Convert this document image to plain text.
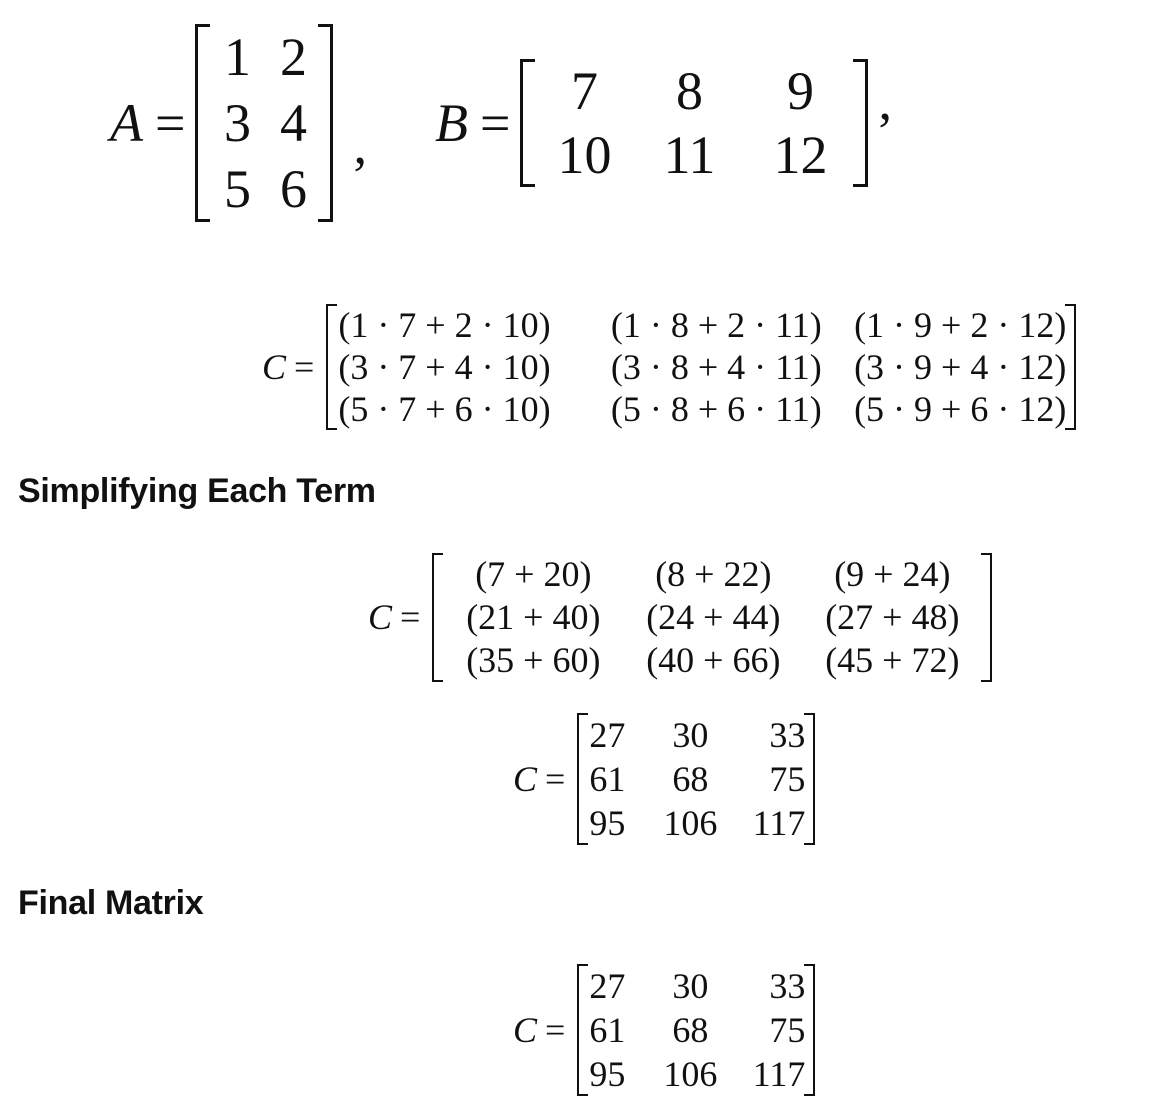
A =
1 2
3 4
5 6
, B =
7 8 9
10 11 12
,
C =
(1 · 7 + 2 · 10) (1 · 8 + 2 · 11) (1 · 9 + 2 · 12)
(3 · 7 + 4 · 10) (3 · 8 + 4 · 11) (3 · 9 + 4 · 12)
(5 · 7 + 6 · 10) (5 · 8 + 6 · 11) (5 · 9 + 6 · 12)
Simplifying Each Term
C =
(7 + 20) (8 + 22) (9 + 24)
(21 + 40) (24 + 44) (27 + 48)
(35 + 60) (40 + 66) (45 + 72)
C =
27 30 33
61 68 75
95 106 117
Final Matrix
C =
27 30 33
61 68 75
95 106 117
